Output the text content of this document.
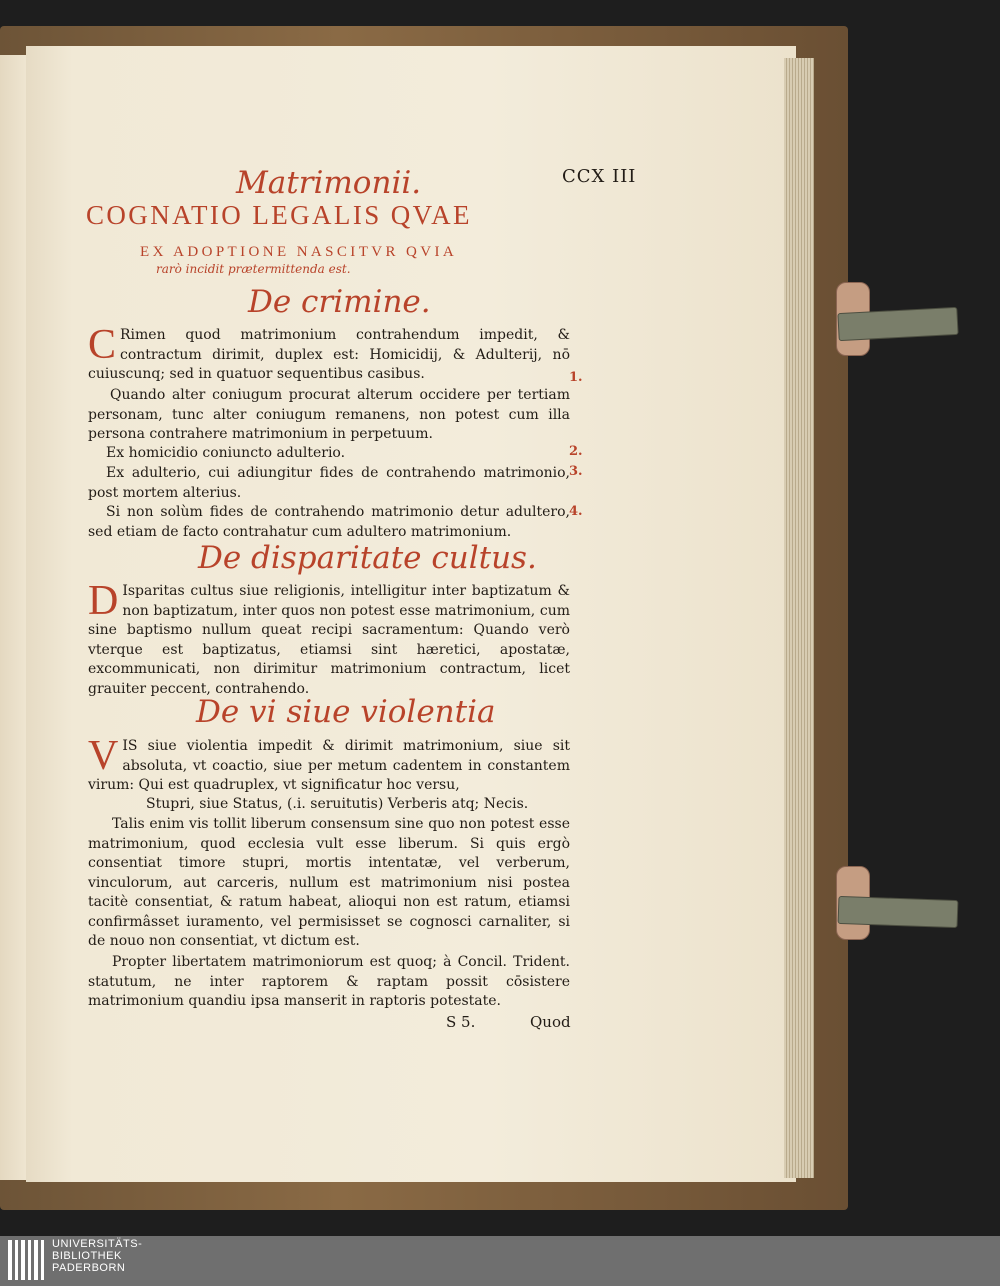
CCX III
Matrimonii.
COGNATIO LEGALIS QVAE
EX ADOPTIONE NASCITVR QVIA
rarò incidit prætermittenda est.
De crimine.
C Rimen quod matrimonium contrahendum impedit, & contractum dirimit, duplex est: Homicidij, & Adulterij, nō cuiuscunq; sed in quatuor sequentibus casibus.
Quando alter coniugum procurat alterum occidere per tertiam personam, tunc alter coniugum remanens, non potest cum illa persona contrahere matrimonium in perpetuum.
Ex homicidio coniuncto adulterio.
Ex adulterio, cui adiungitur fides de contrahendo matrimonio, post mortem alterius.
Si non solùm fides de contrahendo matrimonio detur adultero, sed etiam de facto contrahatur cum adultero matrimonium.
1.
2.
3.
4.
De disparitate cultus.
D Isparitas cultus siue religionis, intelligitur inter baptizatum & non baptizatum, inter quos non potest esse matrimonium, cum sine baptismo nullum queat recipi sacramentum: Quando verò vterque est baptizatus, etiamsi sint hæretici, apostatæ, excommunicati, non dirimitur matrimonium contractum, licet grauiter peccent, contrahendo.
De vi siue violentia
V IS siue violentia impedit & dirimit matrimonium, siue sit absoluta, vt coactio, siue per metum cadentem in constantem virum: Qui est quadruplex, vt significatur hoc versu,
Stupri, siue Status, (.i. seruitutis) Verberis atq; Necis.
Talis enim vis tollit liberum consensum sine quo non potest esse matrimonium, quod ecclesia vult esse liberum. Si quis ergò consentiat timore stupri, mortis intentatæ, vel verberum, vinculorum, aut carceris, nullum est matrimonium nisi postea tacitè consentiat, & ratum habeat, alioqui non est ratum, etiamsi confirmâsset iuramento, vel permisisset se cognosci carnaliter, si de nouo non consentiat, vt dictum est.
Propter libertatem matrimoniorum est quoq; à Concil. Trident. statutum, ne inter raptorem & raptam possit cōsistere matrimonium quandiu ipsa manserit in raptoris potestate.
S 5.	Quod
UNIVERSITÄTS-
BIBLIOTHEK
PADERBORN
